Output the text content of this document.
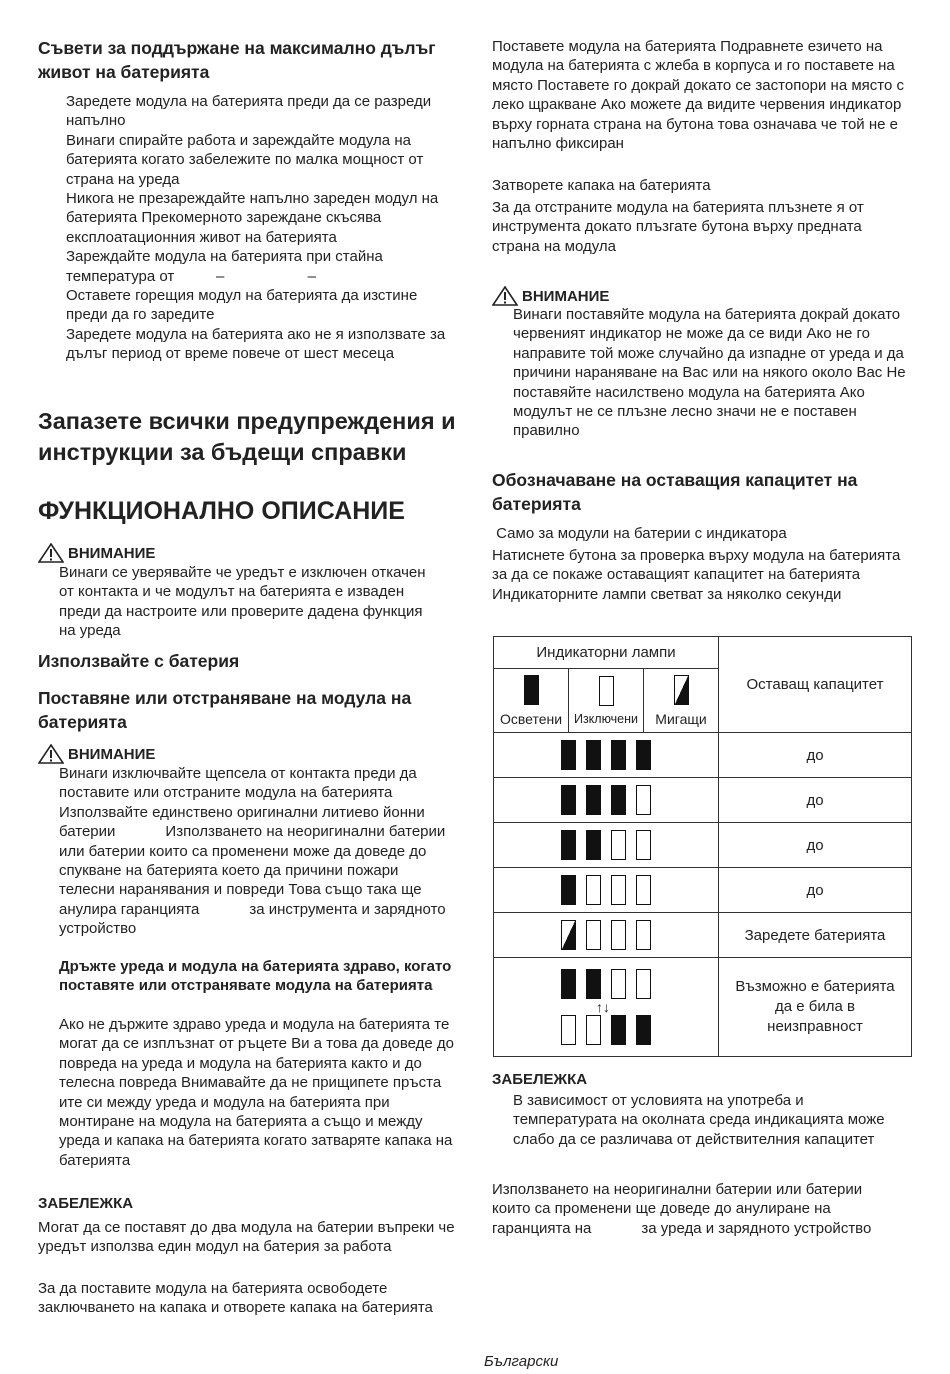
Съвети за поддържане на максимално дълъг живот на батерията

Заредете модула на батерията преди да се разреди напълно

Винаги спирайте работа и зареждайте модула на батерията когато забележите по малка мощност от страна на уреда

Никога не презареждайте напълно зареден модул на батерията Прекомерното зареждане скъсява експлоатационния живот на батерията

Зареждайте модула на батерията при стайна температура от          –                    –

Оставете горещия модул на батерията да изстине преди да го заредите

Заредете модула на батерията ако не я използвате за дълъг период от време повече от шест месеца

Запазете всички предупреждения и инструкции за бъдещи справки
ФУНКЦИОНАЛНО ОПИСАНИЕ
ВНИМАНИЕ
Винаги се уверявайте че уредът е изключен откачен от контакта и че модулът на батерията е изваден преди да настроите или проверите дадена функция на уреда
Използвайте с батерия
Поставяне или отстраняване на модула на батерията
ВНИМАНИЕ
Винаги изключвайте щепсела от контакта преди да поставите или отстраните модула на батерията Използвайте единствено оригинални литиево йонни батерии            Използването на неоригинални батерии              или батерии които са променени може да доведе до спукване на батерията което да причини пожари телесни наранявания и повреди Това също така ще анулира гаранцията            за инструмента и зарядното устройство
Дръжте уреда и модула на батерията здраво, когато поставяте или отстранявате модула на батерията
Ако не държите здраво уреда и модула на батерията те могат да се изплъзнат от ръцете Ви а това да доведе до повреда на уреда и модула на батерията както и до телесна повреда Внимавайте да не прищипете пръста ите си между уреда и модула на батерията при монтиране на модула на батерията а също и между уреда и капака на батерията когато затваряте капака на батерията
ЗАБЕЛЕЖКА
Могат да се поставят до два модула на батерии въпреки че уредът използва един модул на батерия за работа
За да поставите модула на батерията освободете заключването на капака и отворете капака на батерията
Поставете модула на батерията Подравнете езичето на модула на батерията с жлеба в корпуса и го поставете на място Поставете го докрай докато се застопори на място с леко щракване Ако можете да видите червения индикатор върху горната страна на бутона това означава че той не е напълно фиксиран
Затворете капака на батерията
За да отстраните модула на батерията плъзнете я от инструмента докато плъзгате бутона върху предната страна на модула
ВНИМАНИЕ
Винаги поставяйте модула на батерията докрай докато червеният индикатор не може да се види Ако не го направите той може случайно да изпадне от уреда и да причини нараняване на Вас или на някого около Вас Не поставяйте насилствено модула на батерията Ако модулът не се плъзне лесно значи не е поставен правилно
Обозначаване на оставащия капацитет на батерията
Само за модули на батерии с индикатора
Натиснете бутона за проверка върху модула на батерията за да се покаже оставащият капацитет на батерията Индикаторните лампи светват за няколко секунди
Индикаторни лампи			Оставащ капацитет

Осветени	Изключени	Мигащи	

			до
			до
			до
			до
			Заредете батерията

↑↓			Възможно е батерията да е била в неизправност
ЗАБЕЛЕЖКА
В зависимост от условията на употреба и температурата на околната среда индикацията може слабо да се различава от действителния капацитет
Използването на неоригинални батерии или батерии които са променени ще доведе до анулиране на гаранцията на            за уреда и зарядното устройство
Български
